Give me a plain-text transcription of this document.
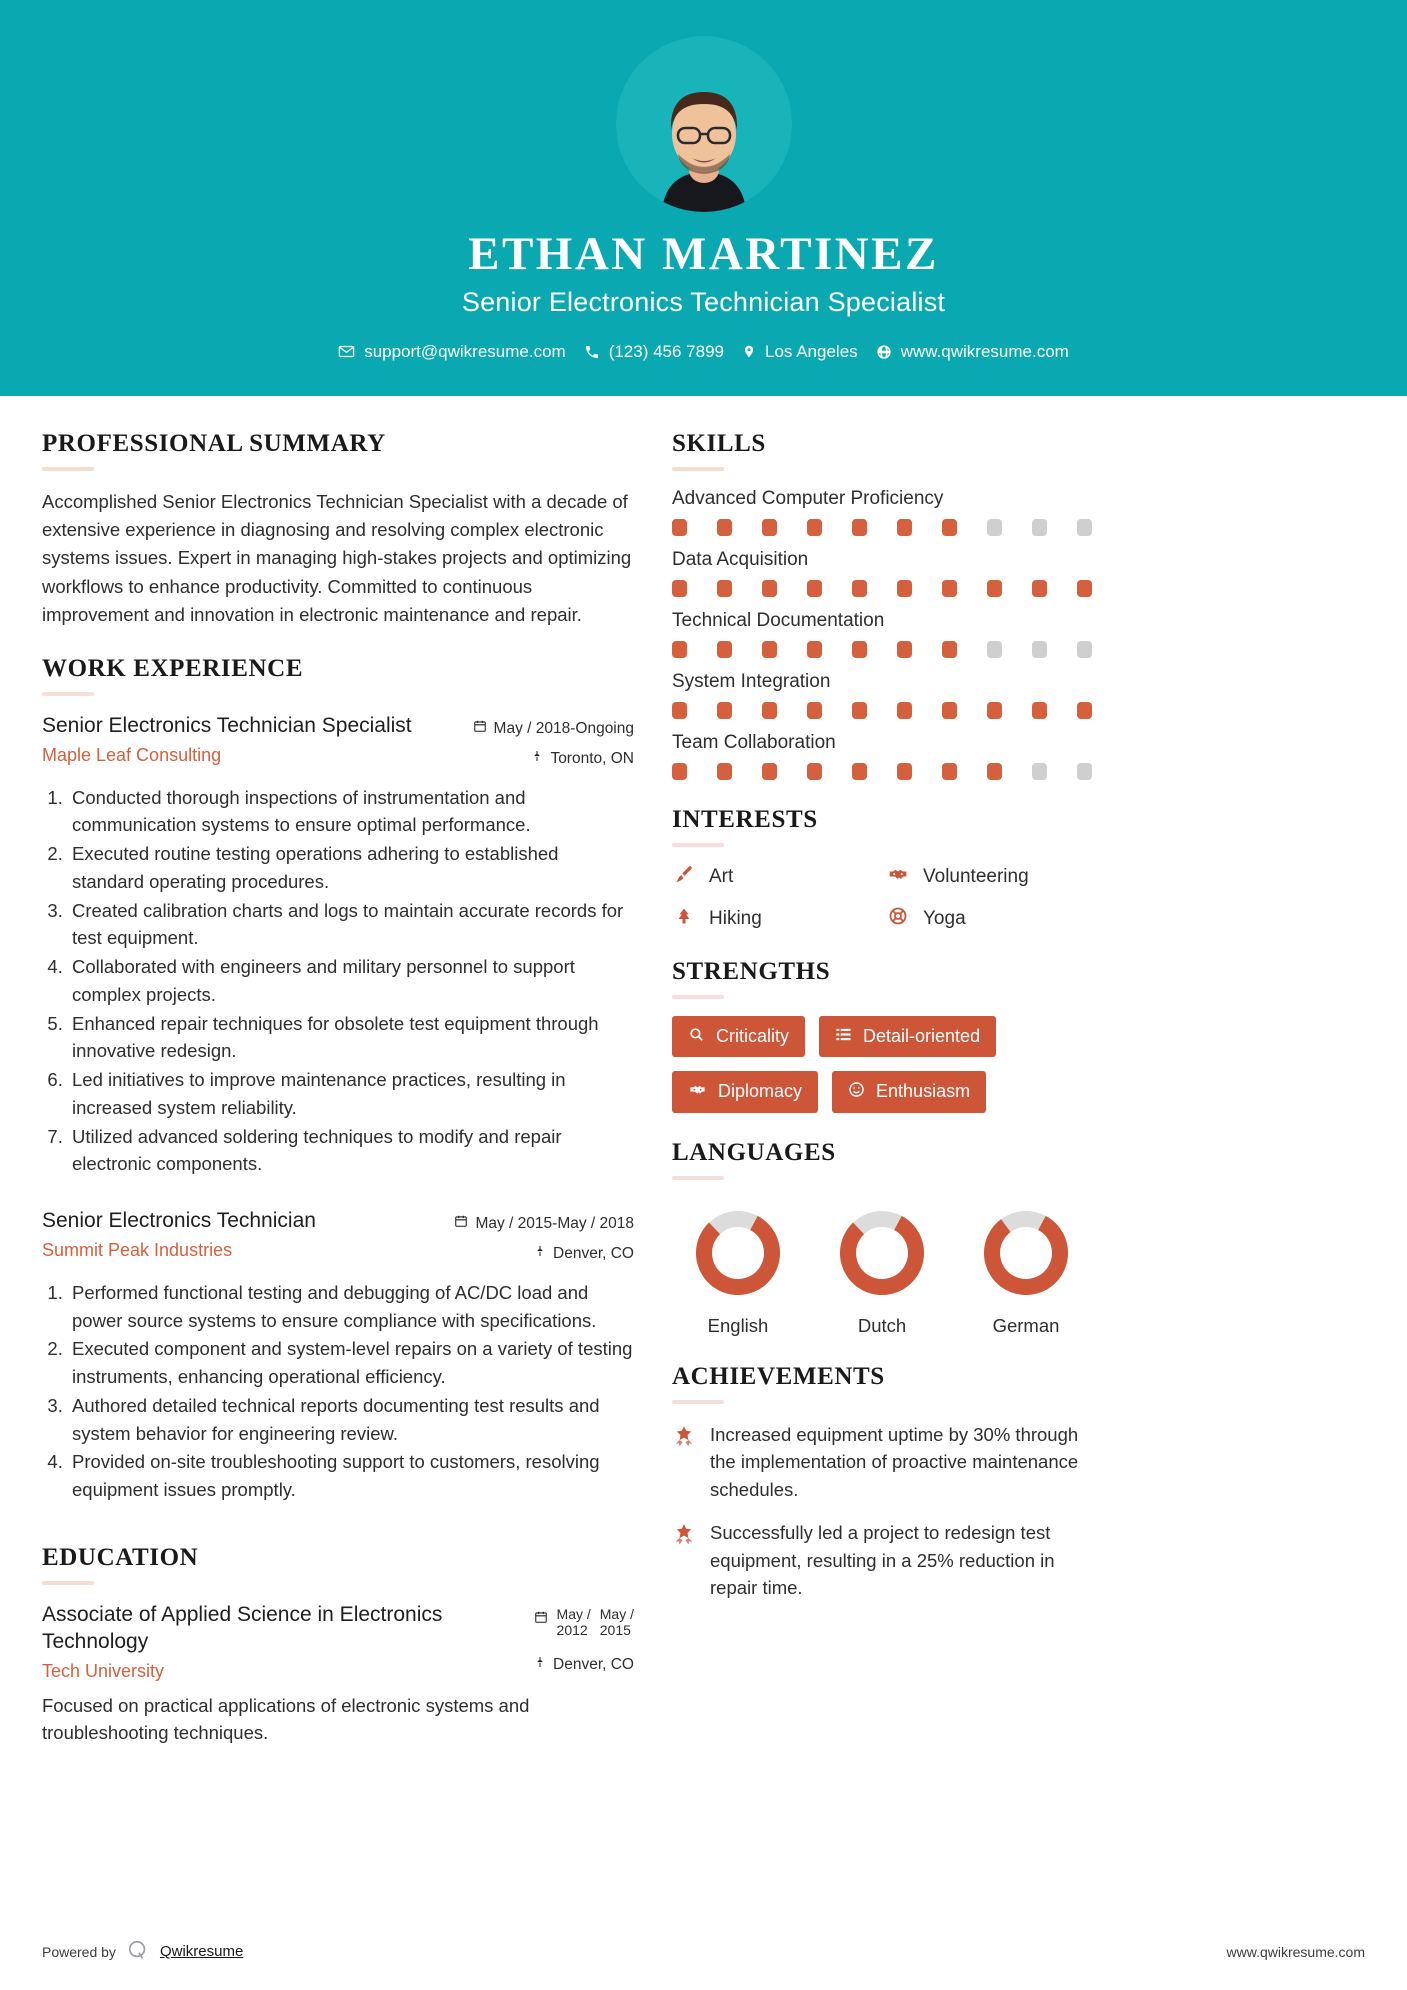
ETHAN MARTINEZ
Senior Electronics Technician Specialist
support@qwikresume.com	(123) 456 7899 Los Angeles	www.qwikresume.com
PROFESSIONAL SUMMARY
Accomplished Senior Electronics Technician Specialist with a decade of extensive experience in diagnosing and resolving complex electronic systems issues. Expert in managing high-stakes projects and optimizing workflows to enhance productivity. Committed to continuous improvement and innovation in electronic maintenance and repair.
WORK EXPERIENCE
Senior Electronics Technician Specialist
Maple Leaf Consulting
May / 2018-Ongoing
Toronto, ON
1. Conducted thorough inspections of instrumentation and communication systems to ensure optimal performance.
2. Executed routine testing operations adhering to established standard operating procedures.
3. Created calibration charts and logs to maintain accurate records for test equipment.
4. Collaborated with engineers and military personnel to support complex projects.
5. Enhanced repair techniques for obsolete test equipment through innovative redesign.
6. Led initiatives to improve maintenance practices, resulting in increased system reliability.
7. Utilized advanced soldering techniques to modify and repair electronic components.
Senior Electronics Technician
Summit Peak Industries
May / 2015-May / 2018
Denver, CO
1. Performed functional testing and debugging of AC/DC load and power source systems to ensure compliance with specifications.
2. Executed component and system-level repairs on a variety of testing instruments, enhancing operational efficiency.
3. Authored detailed technical reports documenting test results and system behavior for engineering review.
4. Provided on-site troubleshooting support to customers, resolving equipment issues promptly.
EDUCATION
Associate of Applied Science in Electronics Technology
Tech University
May /
2012
May /
2015
Denver, CO
Focused on practical applications of electronic systems and troubleshooting techniques.
SKILLS
Advanced Computer Proficiency
Data Acquisition
Technical Documentation
System Integration
Team Collaboration
INTERESTS
Art	Volunteering
Hiking	Yoga
STRENGTHS
Criticality	Detail-oriented
Diplomacy	Enthusiasm
LANGUAGES
English	Dutch	German
ACHIEVEMENTS
Increased equipment uptime by 30% through the implementation of proactive maintenance schedules.
Successfully led a project to redesign test equipment, resulting in a 25% reduction in repair time.
Powered by	Qwikresume	www.qwikresume.com
